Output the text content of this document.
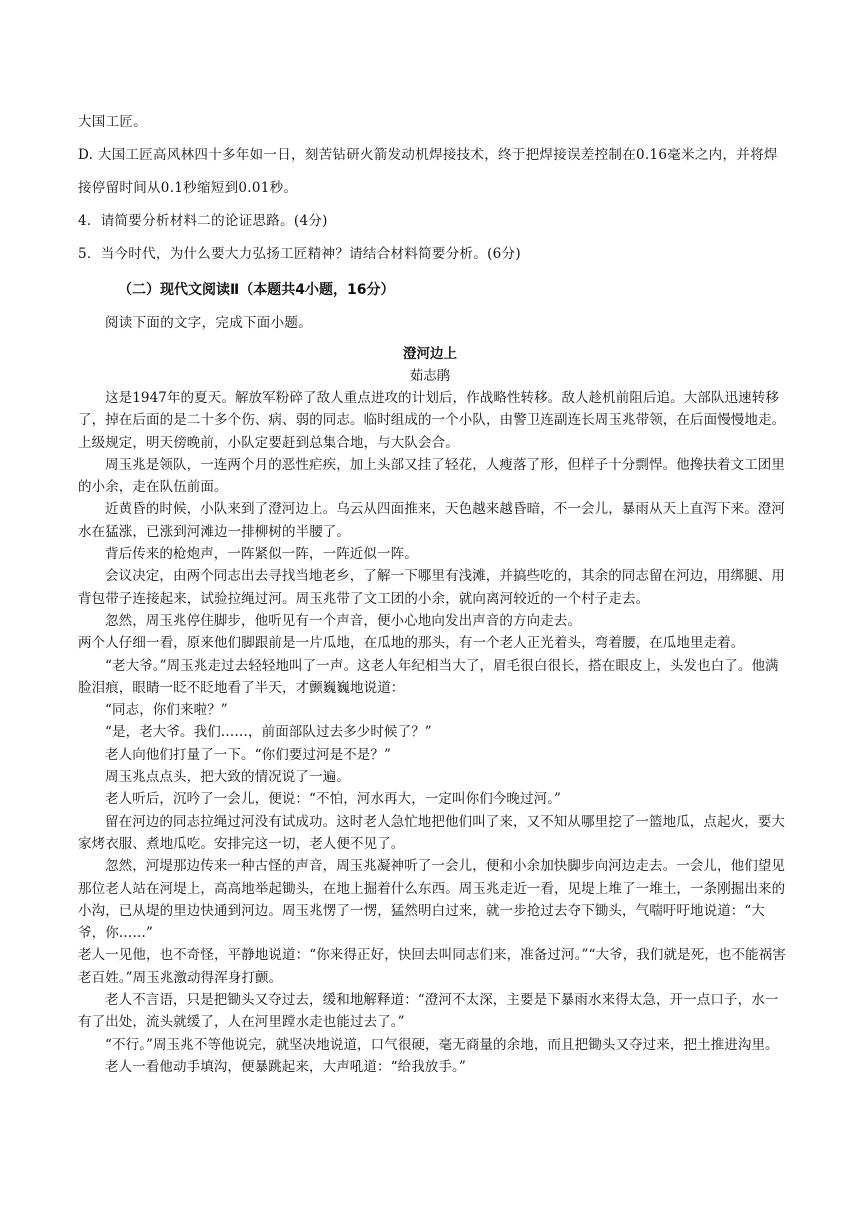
大国工匠。

D. 大国工匠高风林四十多年如一日，刻苦钻研火箭发动机焊接技术，终于把焊接误差控制在0.16毫米之内，并将焊接停留时间从0.1秒缩短到0.01秒。

4．请简要分析材料二的论证思路。(4分)

5．当今时代，为什么要大力弘扬工匠精神？请结合材料简要分析。(6分)

（二）现代文阅读Ⅱ（本题共4小题，16分）

阅读下面的文字，完成下面小题。

澄河边上

茹志鹃

这是1947年的夏天。解放军粉碎了敌人重点进攻的计划后，作战略性转移。敌人趁机前阻后追。大部队迅速转移了，掉在后面的是二十多个伤、病、弱的同志。临时组成的一个小队，由警卫连副连长周玉兆带领，在后面慢慢地走。上级规定，明天傍晚前，小队定要赶到总集合地，与大队会合。

周玉兆是领队，一连两个月的恶性疟疾，加上头部又挂了轻花，人瘦落了形，但样子十分剽悍。他搀扶着文工团里的小余，走在队伍前面。

近黄昏的时候，小队来到了澄河边上。乌云从四面推来，天色越来越昏暗，不一会儿，暴雨从天上直泻下来。澄河水在猛涨，已涨到河滩边一排柳树的半腰了。

背后传来的枪炮声，一阵紧似一阵，一阵近似一阵。

会议决定，由两个同志出去寻找当地老乡，了解一下哪里有浅滩，并搞些吃的，其余的同志留在河边，用绑腿、用背包带子连接起来，试验拉绳过河。周玉兆带了文工团的小余，就向离河较近的一个村子走去。

忽然，周玉兆停住脚步，他听见有一个声音，便小心地向发出声音的方向走去。

两个人仔细一看，原来他们脚跟前是一片瓜地，在瓜地的那头，有一个老人正光着头，弯着腰，在瓜地里走着。

“老大爷。”周玉兆走过去轻轻地叫了一声。这老人年纪相当大了，眉毛很白很长，搭在眼皮上，头发也白了。他满脸泪痕，眼睛一眨不眨地看了半天，才颤巍巍地说道：

“同志，你们来啦？”

“是，老大爷。我们……，前面部队过去多少时候了？”

老人向他们打量了一下。“你们要过河是不是？”

周玉兆点点头，把大致的情况说了一遍。

老人听后，沉吟了一会儿，便说：“不怕，河水再大，一定叫你们今晚过河。”

留在河边的同志拉绳过河没有试成功。这时老人急忙地把他们叫了来，又不知从哪里挖了一篮地瓜，点起火，要大家烤衣服、煮地瓜吃。安排完这一切，老人便不见了。

忽然，河堤那边传来一种古怪的声音，周玉兆凝神听了一会儿，便和小余加快脚步向河边走去。一会儿，他们望见那位老人站在河堤上，高高地举起锄头，在地上掘着什么东西。周玉兆走近一看，见堤上堆了一堆土，一条刚掘出来的小沟，已从堤的里边快通到河边。周玉兆愣了一愣，猛然明白过来，就一步抢过去夺下锄头，气喘吁吁地说道：“大爷，你……”

老人一见他，也不奇怪，平静地说道：“你来得正好，快回去叫同志们来，准备过河。”“大爷，我们就是死，也不能祸害老百姓。”周玉兆激动得浑身打颤。

老人不言语，只是把锄头又夺过去，缓和地解释道：“澄河不太深，主要是下暴雨水来得太急，开一点口子，水一有了出处，流头就缓了，人在河里蹚水走也能过去了。”

“不行。”周玉兆不等他说完，就坚决地说道，口气很硬，毫无商量的余地，而且把锄头又夺过来，把土推进沟里。

老人一看他动手填沟，便暴跳起来，大声吼道：“给我放手。”
